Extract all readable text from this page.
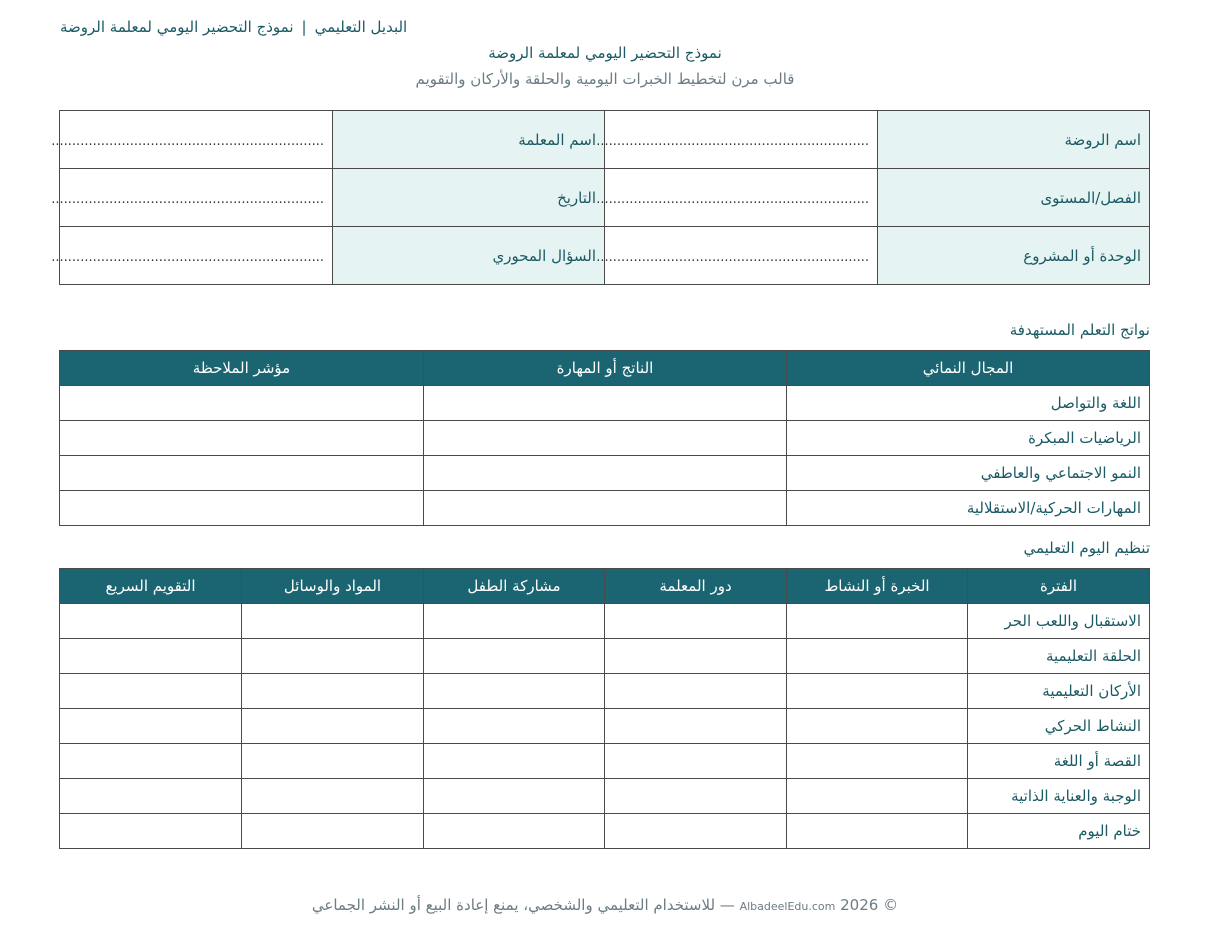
البديل التعليمي|نموذج التحضير اليومي لمعلمة الروضة
نموذج التحضير اليومي لمعلمة الروضة
قالب مرن لتخطيط الخبرات اليومية والحلقة والأركان والتقويم
اسم الروضة	..................................................................	اسم المعلمة	..................................................................
الفصل/المستوى	..................................................................	التاريخ	..................................................................
الوحدة أو المشروع	..................................................................	السؤال المحوري	..................................................................
نواتج التعلم المستهدفة
المجال النمائي	الناتج أو المهارة	مؤشر الملاحظة
اللغة والتواصل		
الرياضيات المبكرة		
النمو الاجتماعي والعاطفي		
المهارات الحركية/الاستقلالية		
تنظيم اليوم التعليمي
الفترة	الخبرة أو النشاط	دور المعلمة	مشاركة الطفل	المواد والوسائل	التقويم السريع
الاستقبال واللعب الحر					
الحلقة التعليمية					
الأركان التعليمية					
النشاط الحركي					
القصة أو اللغة					
الوجبة والعناية الذاتية					
ختام اليوم					
© 2026 AlbadeelEdu.com — للاستخدام التعليمي والشخصي، يمنع إعادة البيع أو النشر الجماعي
